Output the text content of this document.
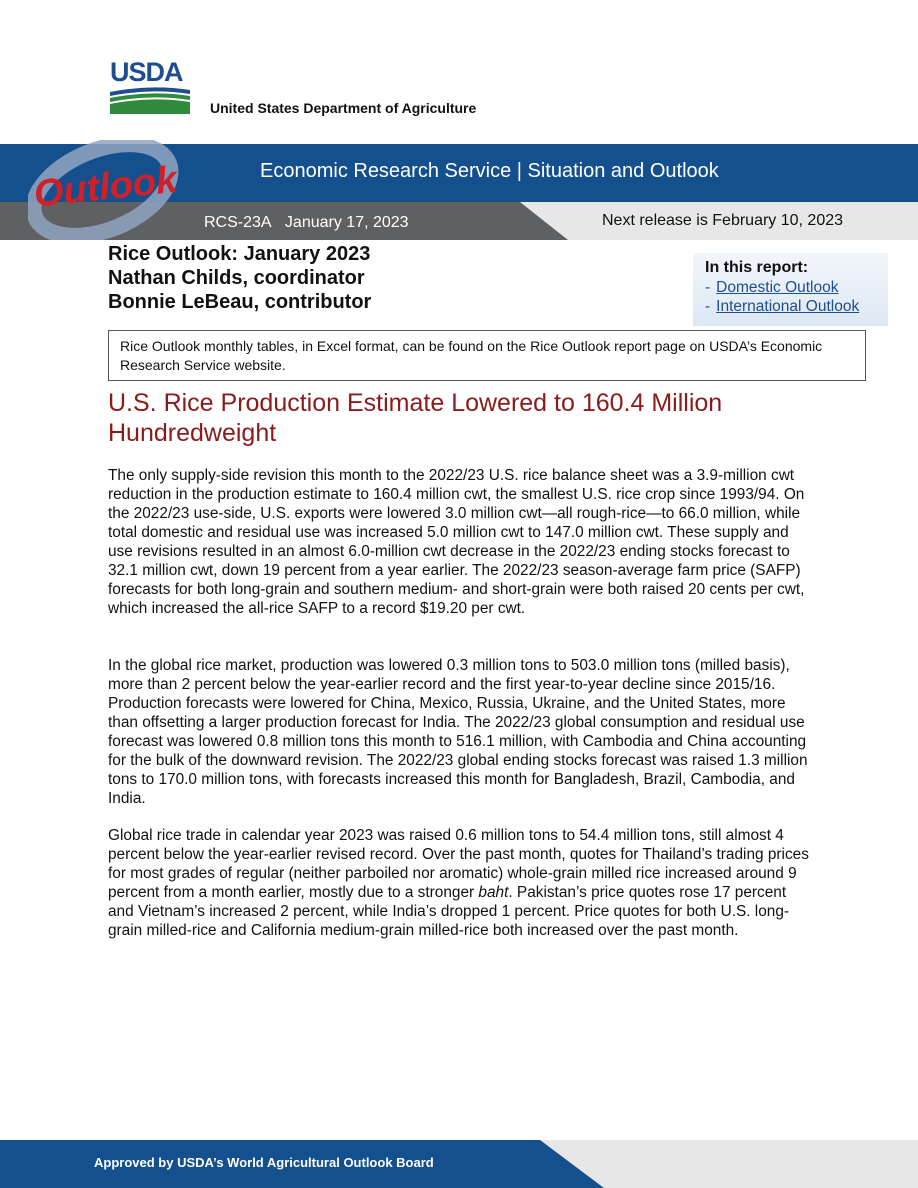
USDA
United States Department of Agriculture
Economic Research Service | Situation and Outlook
RCS-23A January 17, 2023	Next release is February 10, 2023
Outlook
Rice Outlook: January 2023
Nathan Childs, coordinator
Bonnie LeBeau, contributor
In this report:
- Domestic Outlook
- International Outlook
Rice Outlook monthly tables, in Excel format, can be found on the Rice Outlook report page on USDA’s Economic Research Service website.
U.S. Rice Production Estimate Lowered to 160.4 Million Hundredweight
The only supply-side revision this month to the 2022/23 U.S. rice balance sheet was a 3.9-million cwt reduction in the production estimate to 160.4 million cwt, the smallest U.S. rice crop since 1993/94. On the 2022/23 use-side, U.S. exports were lowered 3.0 million cwt—all rough-rice—to 66.0 million, while total domestic and residual use was increased 5.0 million cwt to 147.0 million cwt. These supply and use revisions resulted in an almost 6.0-million cwt decrease in the 2022/23 ending stocks forecast to 32.1 million cwt, down 19 percent from a year earlier. The 2022/23 season-average farm price (SAFP) forecasts for both long-grain and southern medium- and short-grain were both raised 20 cents per cwt, which increased the all-rice SAFP to a record $19.20 per cwt.
In the global rice market, production was lowered 0.3 million tons to 503.0 million tons (milled basis), more than 2 percent below the year-earlier record and the first year-to-year decline since 2015/16. Production forecasts were lowered for China, Mexico, Russia, Ukraine, and the United States, more than offsetting a larger production forecast for India. The 2022/23 global consumption and residual use forecast was lowered 0.8 million tons this month to 516.1 million, with Cambodia and China accounting for the bulk of the downward revision. The 2022/23 global ending stocks forecast was raised 1.3 million tons to 170.0 million tons, with forecasts increased this month for Bangladesh, Brazil, Cambodia, and India.
Global rice trade in calendar year 2023 was raised 0.6 million tons to 54.4 million tons, still almost 4 percent below the year-earlier revised record. Over the past month, quotes for Thailand’s trading prices for most grades of regular (neither parboiled nor aromatic) whole-grain milled rice increased around 9 percent from a month earlier, mostly due to a stronger baht. Pakistan’s price quotes rose 17 percent and Vietnam’s increased 2 percent, while India’s dropped 1 percent. Price quotes for both U.S. long-grain milled-rice and California medium-grain milled-rice both increased over the past month.
Approved by USDA’s World Agricultural Outlook Board
